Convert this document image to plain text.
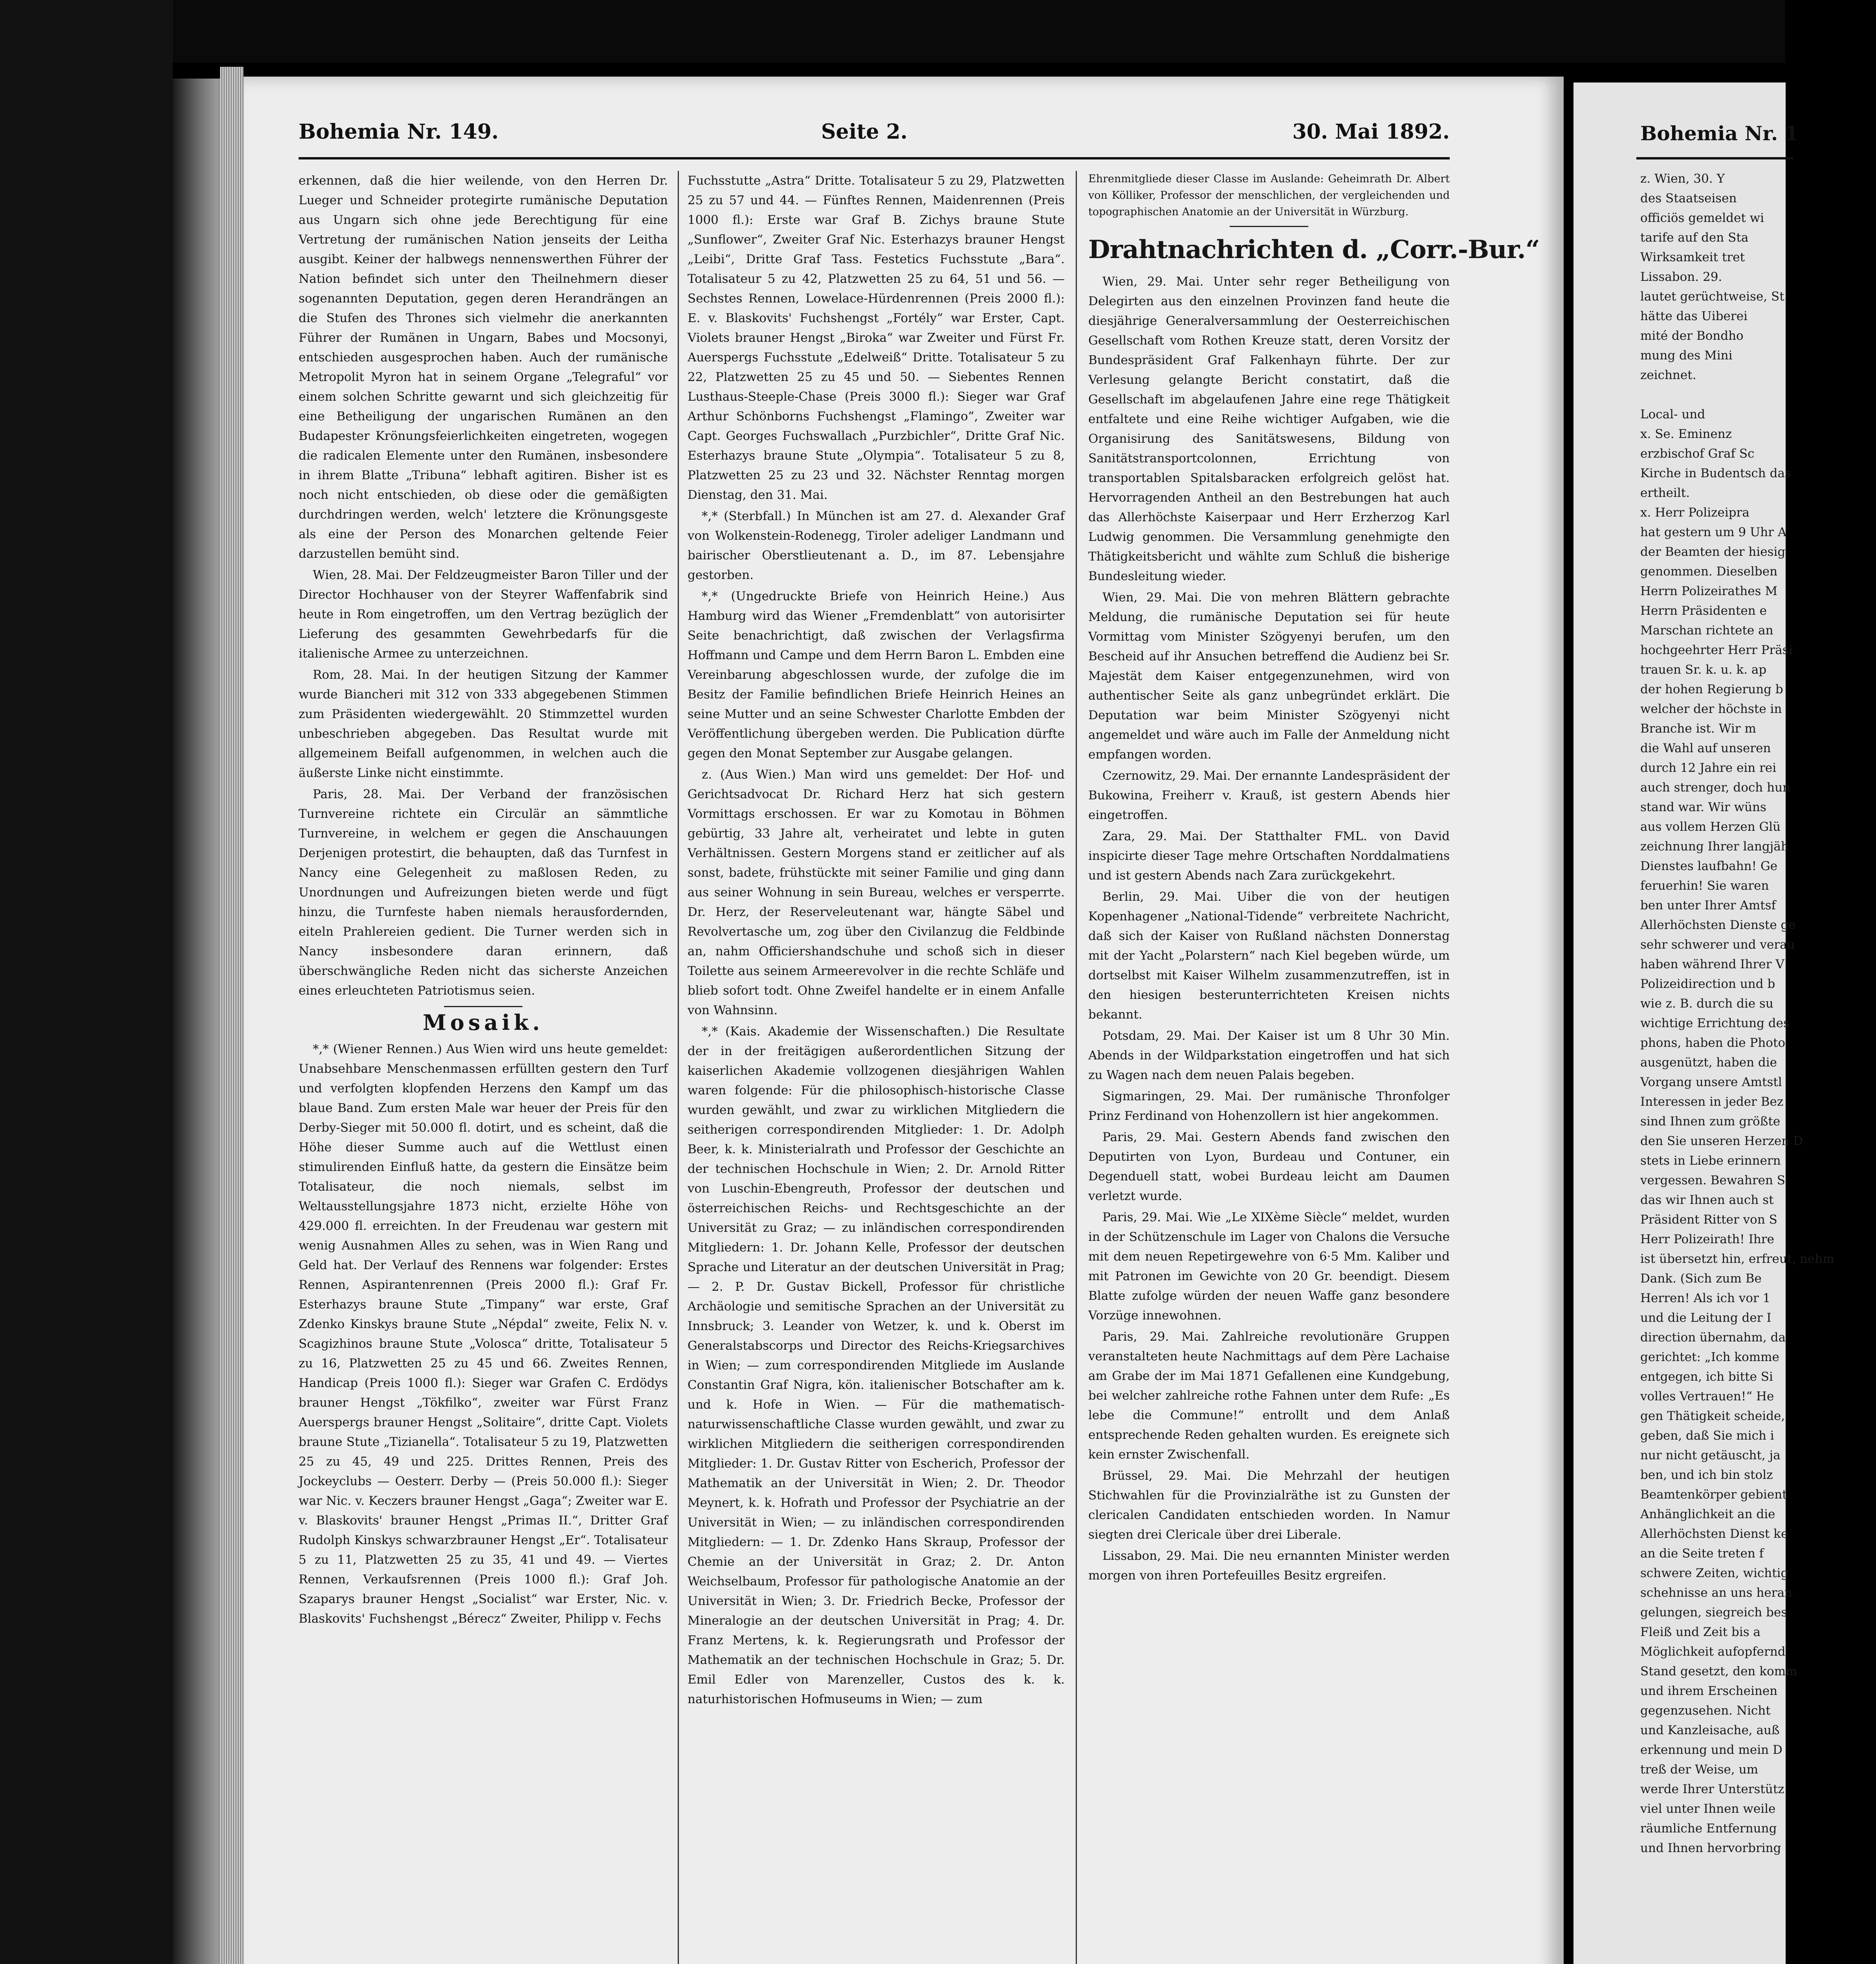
Bohemia Nr. 149.	Seite 2.	30. Mai 1892.

erkennen, daß die hier weilende, von den Herren Dr. Lueger und Schneider protegirte rumänische Deputation aus Ungarn sich ohne jede Berechtigung für eine Vertretung der rumänischen Nation jenseits der Leitha ausgibt. Keiner der halbwegs nennenswerthen Führer der Nation befindet sich unter den Theilnehmern dieser sogenannten Deputation, gegen deren Herandrängen an die Stufen des Thrones sich vielmehr die anerkannten Führer der Rumänen in Ungarn, Babes und Mocsonyi, entschieden ausgesprochen haben. Auch der rumänische Metropolit Myron hat in seinem Organe „Telegraful“ vor einem solchen Schritte gewarnt und sich gleichzeitig für eine Betheiligung der ungarischen Rumänen an den Budapester Krönungsfeierlichkeiten eingetreten, wogegen die radicalen Elemente unter den Rumänen, insbesondere in ihrem Blatte „Tribuna“ lebhaft agitiren. Bisher ist es noch nicht entschieden, ob diese oder die gemäßigten durchdringen werden, welch' letztere die Krönungsgeste als eine der Person des Monarchen geltende Feier darzustellen bemüht sind.

Wien, 28. Mai. Der Feldzeugmeister Baron Tiller und der Director Hochhauser von der Steyrer Waffenfabrik sind heute in Rom eingetroffen, um den Vertrag bezüglich der Lieferung des gesammten Gewehrbedarfs für die italienische Armee zu unterzeichnen.

Rom, 28. Mai. In der heutigen Sitzung der Kammer wurde Biancheri mit 312 von 333 abgegebenen Stimmen zum Präsidenten wiedergewählt. 20 Stimmzettel wurden unbeschrieben abgegeben. Das Resultat wurde mit allgemeinem Beifall aufgenommen, in welchen auch die äußerste Linke nicht einstimmte.

Paris, 28. Mai. Der Verband der französischen Turnvereine richtete ein Circulär an sämmtliche Turnvereine, in welchem er gegen die Anschauungen Derjenigen protestirt, die behaupten, daß das Turnfest in Nancy eine Gelegenheit zu maßlosen Reden, zu Unordnungen und Aufreizungen bieten werde und fügt hinzu, die Turnfeste haben niemals herausfordernden, eiteln Prahlereien gedient. Die Turner werden sich in Nancy insbesondere daran erinnern, daß überschwängliche Reden nicht das sicherste Anzeichen eines erleuchteten Patriotismus seien.

Mosaik.

*,* (Wiener Rennen.) Aus Wien wird uns heute gemeldet: Unabsehbare Menschenmassen erfüllten gestern den Turf und verfolgten klopfenden Herzens den Kampf um das blaue Band. Zum ersten Male war heuer der Preis für den Derby-Sieger mit 50.000 fl. dotirt, und es scheint, daß die Höhe dieser Summe auch auf die Wettlust einen stimulirenden Einfluß hatte, da gestern die Einsätze beim Totalisateur, die noch niemals, selbst im Weltausstellungsjahre 1873 nicht, erzielte Höhe von 429.000 fl. erreichten. In der Freudenau war gestern mit wenig Ausnahmen Alles zu sehen, was in Wien Rang und Geld hat. Der Verlauf des Rennens war folgender: Erstes Rennen, Aspirantenrennen (Preis 2000 fl.): Graf Fr. Esterhazys braune Stute „Timpany“ war erste, Graf Zdenko Kinskys braune Stute „Népdal“ zweite, Felix N. v. Scagizhinos braune Stute „Volosca“ dritte, Totalisateur 5 zu 16, Platzwetten 25 zu 45 und 66. Zweites Rennen, Handicap (Preis 1000 fl.): Sieger war Grafen C. Erdödys brauner Hengst „Tökfilko“, zweiter war Fürst Franz Auerspergs brauner Hengst „Solitaire“, dritte Capt. Violets braune Stute „Tizianella“. Totalisateur 5 zu 19, Platzwetten 25 zu 45, 49 und 225. Drittes Rennen, Preis des Jockeyclubs — Oesterr. Derby — (Preis 50.000 fl.): Sieger war Nic. v. Keczers brauner Hengst „Gaga“; Zweiter war E. v. Blaskovits' brauner Hengst „Primas II.“, Dritter Graf Rudolph Kinskys schwarzbrauner Hengst „Er“. Totalisateur 5 zu 11, Platzwetten 25 zu 35, 41 und 49. — Viertes Rennen, Verkaufsrennen (Preis 1000 fl.): Graf Joh. Szaparys brauner Hengst „Socialist“ war Erster, Nic. v. Blaskovits' Fuchshengst „Bérecz“ Zweiter, Philipp v. Fechs

Fuchsstutte „Astra“ Dritte. Totalisateur 5 zu 29, Platzwetten 25 zu 57 und 44. — Fünftes Rennen, Maidenrennen (Preis 1000 fl.): Erste war Graf B. Zichys braune Stute „Sunflower“, Zweiter Graf Nic. Esterhazys brauner Hengst „Leibi“, Dritte Graf Tass. Festetics Fuchsstute „Bara“. Totalisateur 5 zu 42, Platzwetten 25 zu 64, 51 und 56. — Sechstes Rennen, Lowelace-Hürdenrennen (Preis 2000 fl.): E. v. Blaskovits' Fuchshengst „Fortély“ war Erster, Capt. Violets brauner Hengst „Biroka“ war Zweiter und Fürst Fr. Auerspergs Fuchsstute „Edelweiß“ Dritte. Totalisateur 5 zu 22, Platzwetten 25 zu 45 und 50. — Siebentes Rennen Lusthaus-Steeple-Chase (Preis 3000 fl.): Sieger war Graf Arthur Schönborns Fuchshengst „Flamingo“, Zweiter war Capt. Georges Fuchswallach „Purzbichler“, Dritte Graf Nic. Esterhazys braune Stute „Olympia“. Totalisateur 5 zu 8, Platzwetten 25 zu 23 und 32. Nächster Renntag morgen Dienstag, den 31. Mai.

*,* (Sterbfall.) In München ist am 27. d. Alexander Graf von Wolkenstein-Rodenegg, Tiroler adeliger Landmann und bairischer Oberstlieutenant a. D., im 87. Lebensjahre gestorben.

*,* (Ungedruckte Briefe von Heinrich Heine.) Aus Hamburg wird das Wiener „Fremdenblatt“ von autorisirter Seite benachrichtigt, daß zwischen der Verlagsfirma Hoffmann und Campe und dem Herrn Baron L. Embden eine Vereinbarung abgeschlossen wurde, der zufolge die im Besitz der Familie befindlichen Briefe Heinrich Heines an seine Mutter und an seine Schwester Charlotte Embden der Veröffentlichung übergeben werden. Die Publication dürfte gegen den Monat September zur Ausgabe gelangen.

z. (Aus Wien.) Man wird uns gemeldet: Der Hof- und Gerichtsadvocat Dr. Richard Herz hat sich gestern Vormittags erschossen. Er war zu Komotau in Böhmen gebürtig, 33 Jahre alt, verheiratet und lebte in guten Verhältnissen. Gestern Morgens stand er zeitlicher auf als sonst, badete, frühstückte mit seiner Familie und ging dann aus seiner Wohnung in sein Bureau, welches er versperrte. Dr. Herz, der Reserveleutenant war, hängte Säbel und Revolvertasche um, zog über den Civilanzug die Feldbinde an, nahm Officiershandschuhe und schoß sich in dieser Toilette aus seinem Armeerevolver in die rechte Schläfe und blieb sofort todt. Ohne Zweifel handelte er in einem Anfalle von Wahnsinn.

*,* (Kais. Akademie der Wissenschaften.) Die Resultate der in der freitägigen außerordentlichen Sitzung der kaiserlichen Akademie vollzogenen diesjährigen Wahlen waren folgende: Für die philosophisch-historische Classe wurden gewählt, und zwar zu wirklichen Mitgliedern die seitherigen correspondirenden Mitglieder: 1. Dr. Adolph Beer, k. k. Ministerialrath und Professor der Geschichte an der technischen Hochschule in Wien; 2. Dr. Arnold Ritter von Luschin-Ebengreuth, Professor der deutschen und österreichischen Reichs- und Rechtsgeschichte an der Universität zu Graz; — zu inländischen correspondirenden Mitgliedern: 1. Dr. Johann Kelle, Professor der deutschen Sprache und Literatur an der deutschen Universität in Prag; — 2. P. Dr. Gustav Bickell, Professor für christliche Archäologie und semitische Sprachen an der Universität zu Innsbruck; 3. Leander von Wetzer, k. und k. Oberst im Generalstabscorps und Director des Reichs-Kriegsarchives in Wien; — zum correspondirenden Mitgliede im Auslande Constantin Graf Nigra, kön. italienischer Botschafter am k. und k. Hofe in Wien. — Für die mathematisch-naturwissenschaftliche Classe wurden gewählt, und zwar zu wirklichen Mitgliedern die seitherigen correspondirenden Mitglieder: 1. Dr. Gustav Ritter von Escherich, Professor der Mathematik an der Universität in Wien; 2. Dr. Theodor Meynert, k. k. Hofrath und Professor der Psychiatrie an der Universität in Wien; — zu inländischen correspondirenden Mitgliedern: — 1. Dr. Zdenko Hans Skraup, Professor der Chemie an der Universität in Graz; 2. Dr. Anton Weichselbaum, Professor für pathologische Anatomie an der Universität in Wien; 3. Dr. Friedrich Becke, Professor der Mineralogie an der deutschen Universität in Prag; 4. Dr. Franz Mertens, k. k. Regierungsrath und Professor der Mathematik an der technischen Hochschule in Graz; 5. Dr. Emil Edler von Marenzeller, Custos des k. k. naturhistorischen Hofmuseums in Wien; — zum

Ehrenmitgliede dieser Classe im Auslande: Geheimrath Dr. Albert von Kölliker, Professor der menschlichen, der vergleichenden und topographischen Anatomie an der Universität in Würzburg.

Drahtnachrichten d. „Corr.-Bur.“

Wien, 29. Mai. Unter sehr reger Betheiligung von Delegirten aus den einzelnen Provinzen fand heute die diesjährige Generalversammlung der Oesterreichischen Gesellschaft vom Rothen Kreuze statt, deren Vorsitz der Bundespräsident Graf Falkenhayn führte. Der zur Verlesung gelangte Bericht constatirt, daß die Gesellschaft im abgelaufenen Jahre eine rege Thätigkeit entfaltete und eine Reihe wichtiger Aufgaben, wie die Organisirung des Sanitätswesens, Bildung von Sanitätstransportcolonnen, Errichtung von transportablen Spitalsbaracken erfolgreich gelöst hat. Hervorragenden Antheil an den Bestrebungen hat auch das Allerhöchste Kaiserpaar und Herr Erzherzog Karl Ludwig genommen. Die Versammlung genehmigte den Thätigkeitsbericht und wählte zum Schluß die bisherige Bundesleitung wieder.

Wien, 29. Mai. Die von mehren Blättern gebrachte Meldung, die rumänische Deputation sei für heute Vormittag vom Minister Szögyenyi berufen, um den Bescheid auf ihr Ansuchen betreffend die Audienz bei Sr. Majestät dem Kaiser entgegenzunehmen, wird von authentischer Seite als ganz unbegründet erklärt. Die Deputation war beim Minister Szögyenyi nicht angemeldet und wäre auch im Falle der Anmeldung nicht empfangen worden.

Czernowitz, 29. Mai. Der ernannte Landespräsident der Bukowina, Freiherr v. Krauß, ist gestern Abends hier eingetroffen.

Zara, 29. Mai. Der Statthalter FML. von David inspicirte dieser Tage mehre Ortschaften Norddalmatiens und ist gestern Abends nach Zara zurückgekehrt.

Berlin, 29. Mai. Uiber die von der heutigen Kopenhagener „National-Tidende“ verbreitete Nachricht, daß sich der Kaiser von Rußland nächsten Donnerstag mit der Yacht „Polarstern“ nach Kiel begeben würde, um dortselbst mit Kaiser Wilhelm zusammenzutreffen, ist in den hiesigen besterunterrichteten Kreisen nichts bekannt.

Potsdam, 29. Mai. Der Kaiser ist um 8 Uhr 30 Min. Abends in der Wildparkstation eingetroffen und hat sich zu Wagen nach dem neuen Palais begeben.

Sigmaringen, 29. Mai. Der rumänische Thronfolger Prinz Ferdinand von Hohenzollern ist hier angekommen.

Paris, 29. Mai. Gestern Abends fand zwischen den Deputirten von Lyon, Burdeau und Contuner, ein Degenduell statt, wobei Burdeau leicht am Daumen verletzt wurde.

Paris, 29. Mai. Wie „Le XIXème Siècle“ meldet, wurden in der Schützenschule im Lager von Chalons die Versuche mit dem neuen Repetirgewehre von 6·5 Mm. Kaliber und mit Patronen im Gewichte von 20 Gr. beendigt. Diesem Blatte zufolge würden der neuen Waffe ganz besondere Vorzüge innewohnen.

Paris, 29. Mai. Zahlreiche revolutionäre Gruppen veranstalteten heute Nachmittags auf dem Père Lachaise am Grabe der im Mai 1871 Gefallenen eine Kundgebung, bei welcher zahlreiche rothe Fahnen unter dem Rufe: „Es lebe die Commune!“ entrollt und dem Anlaß entsprechende Reden gehalten wurden. Es ereignete sich kein ernster Zwischenfall.

Brüssel, 29. Mai. Die Mehrzahl der heutigen Stichwahlen für die Provinzialräthe ist zu Gunsten der clericalen Candidaten entschieden worden. In Namur siegten drei Clericale über drei Liberale.

Lissabon, 29. Mai. Die neu ernannten Minister werden morgen von ihren Portefeuilles Besitz ergreifen.

Bohemia Nr. 1
z. Wien, 30. Y
des Staatseisen
officiös gemeldet wi
tarife auf den Sta
Wirksamkeit tret
Lissabon. 29.
lautet gerüchtweise, St
hätte das Uiberei
mité der Bondho
mung des Mini
zeichnet.
Local- und
x. Se. Eminenz
erzbischof Graf Sc
Kirche in Budentsch das
ertheilt.
x. Herr Polizeipra
hat gestern um 9 Uhr A
der Beamten der hiesig
genommen. Dieselben
Herrn Polizeirathes M
Herrn Präsidenten e
Marschan richtete an
hochgeehrter Herr Präsi
trauen Sr. k. u. k. ap
der hohen Regierung b
welcher der höchste in
Branche ist. Wir m
die Wahl auf unseren
durch 12 Jahre ein rei
auch strenger, doch hun
stand war. Wir wüns
aus vollem Herzen Glü
zeichnung Ihrer langjäh
Dienstes laufbahn! Ge
feruerhin! Sie waren
ben unter Ihrer Amtsf
Allerhöchsten Dienste ge
sehr schwerer und verau
haben während Ihrer V
Polizeidirection und b
wie z. B. durch die su
wichtige Errichtung des
phons, haben die Photo
ausgenützt, haben die
Vorgang unsere Amtstl
Interessen in jeder Bez
sind Ihnen zum größte
den Sie unseren Herzen D
stets in Liebe erinnern
vergessen. Bewahren S
das wir Ihnen auch st
Präsident Ritter von S
Herr Polizeirath! Ihre
ist übersetzt hin, erfreut, nehm
Dank. (Sich zum Be
Herren! Als ich vor 1
und die Leitung der I
direction übernahm, da
gerichtet: „Ich komme
entgegen, ich bitte Si
volles Vertrauen!“ He
gen Thätigkeit scheide,
geben, daß Sie mich i
nur nicht getäuscht, ja
ben, und ich bin stolz
Beamtenkörper gebient
Anhänglichkeit an die
Allerhöchsten Dienst ke
an die Seite treten f
schwere Zeiten, wichtig
schehnisse an uns heran
gelungen, siegreich bes
Fleiß und Zeit bis a
Möglichkeit aufopfernd
Stand gesetzt, den komm
und ihrem Erscheinen
gegenzusehen. Nicht
und Kanzleisache, auß
erkennung und mein D
treß der Weise, um
werde Ihrer Unterstütz
viel unter Ihnen weile
räumliche Entfernung
und Ihnen hervorbring
